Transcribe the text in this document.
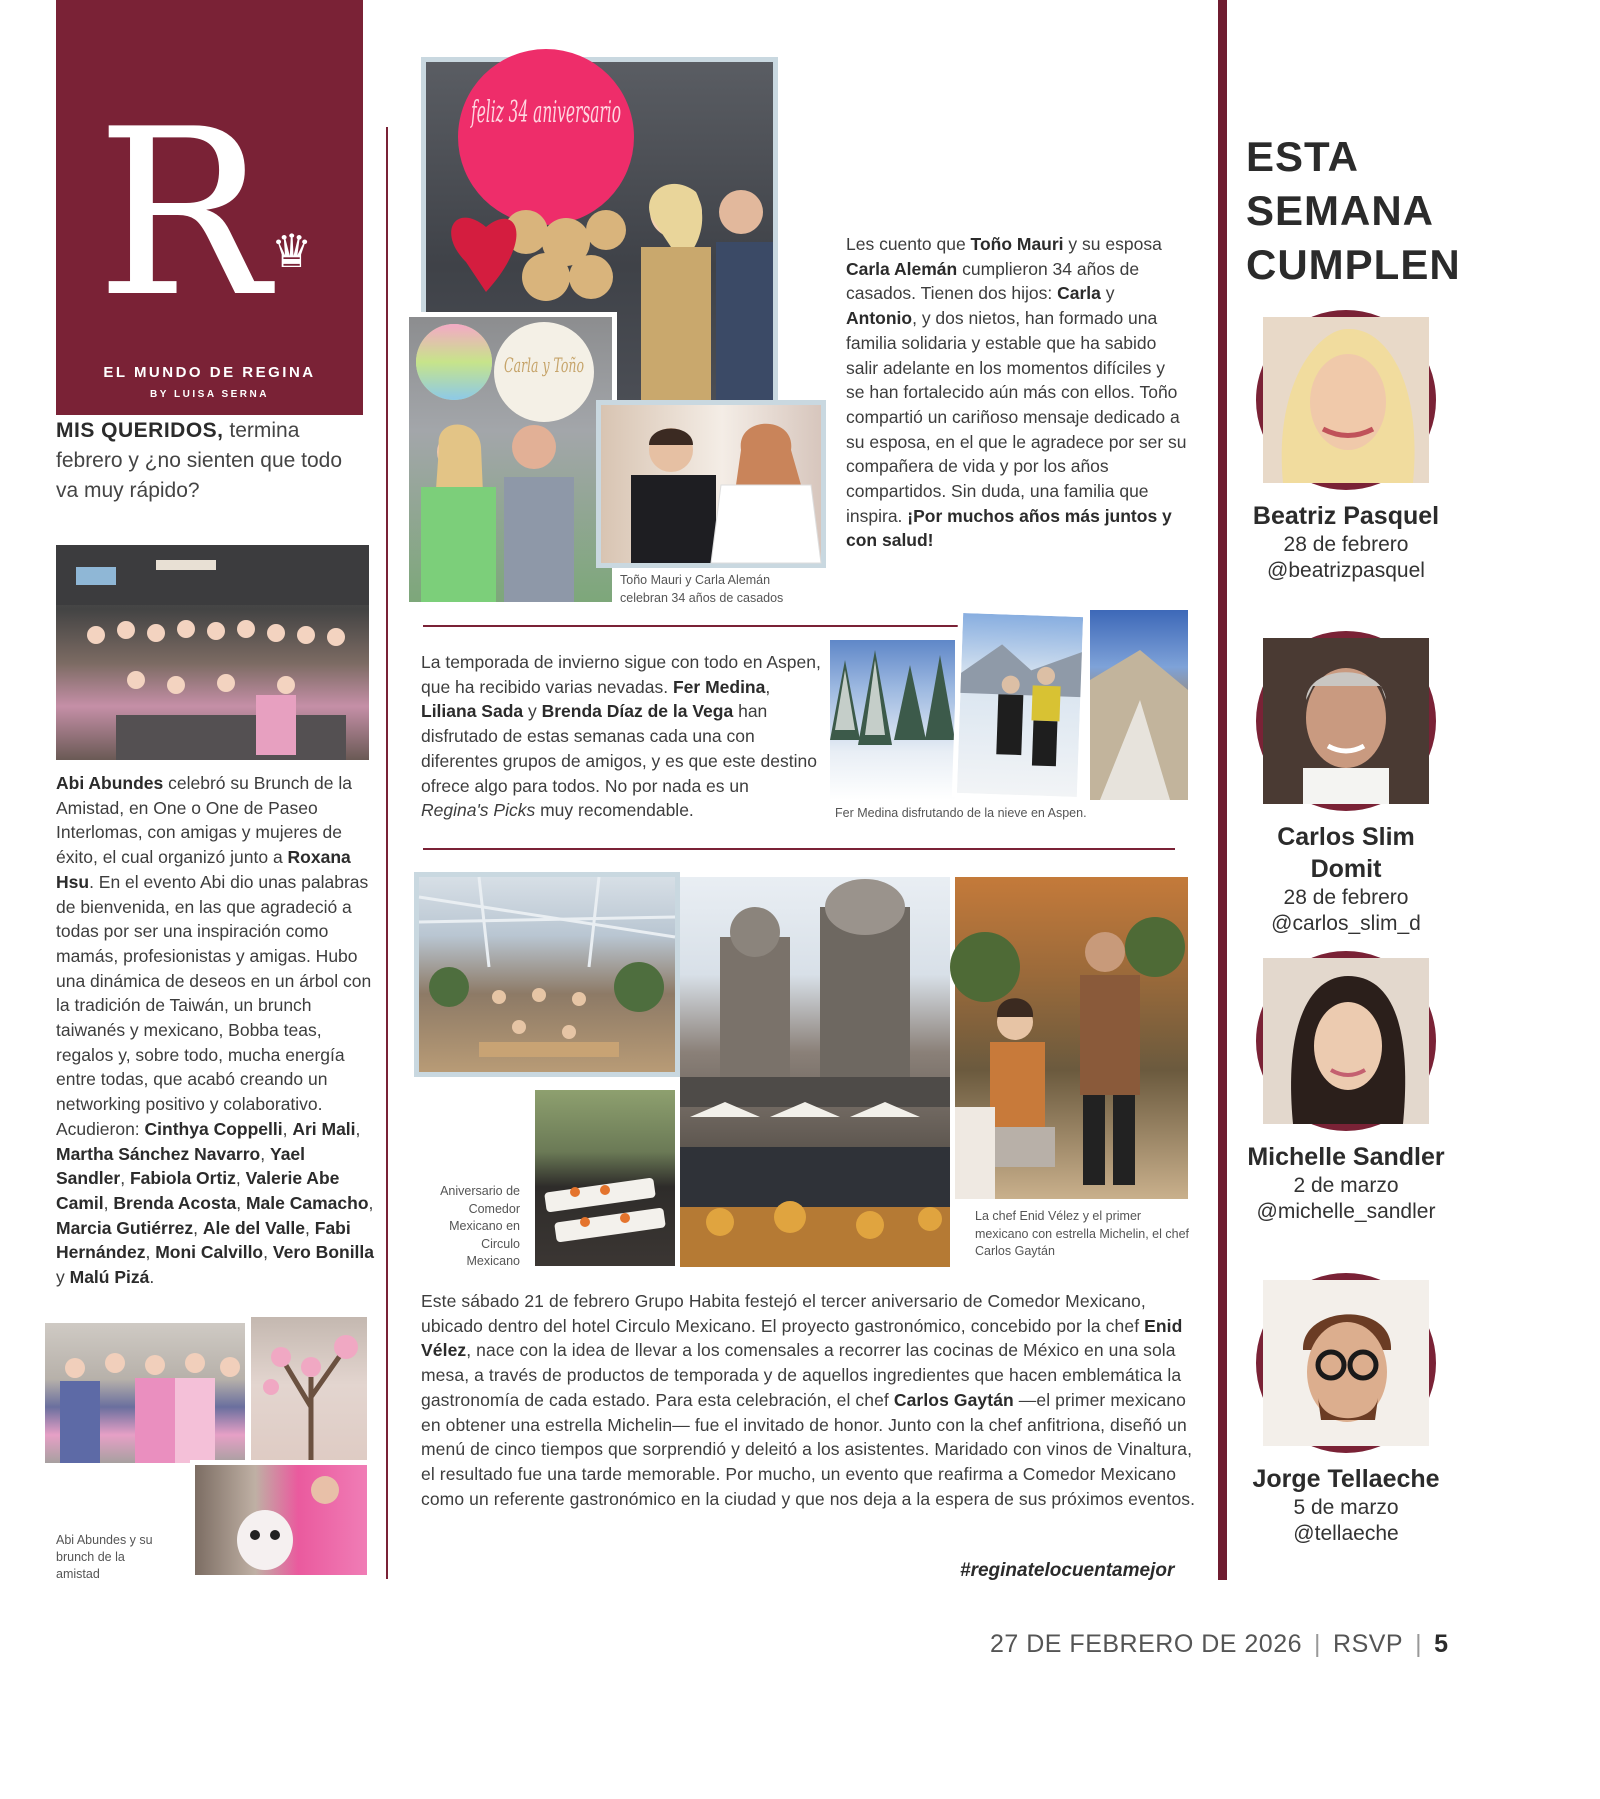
R ♛
EL MUNDO DE REGINA
BY LUISA SERNA

MIS QUERIDOS, termina febrero y ¿no sienten que todo va muy rápido?

Abi Abundes celebró su Brunch de la Amistad, en One o One de Paseo Interlomas, con amigas y mujeres de éxito, el cual organizó junto a Roxana Hsu. En el evento Abi dio unas palabras de bienvenida, en las que agradeció a todas por ser una inspiración como mamás, profesionistas y amigas. Hubo una dinámica de deseos en un árbol con la tradición de Taiwán, un brunch taiwanés y mexicano, Bobba teas, regalos y, sobre todo, mucha energía entre todas, que acabó creando un networking positivo y colaborativo. Acudieron: Cinthya Coppelli, Ari Mali, Martha Sánchez Navarro, Yael Sandler, Fabiola Ortiz, Valerie Abe Camil, Brenda Acosta, Male Camacho, Marcia Gutiérrez, Ale del Valle, Fabi Hernández, Moni Calvillo, Vero Bonilla y Malú Pizá.

Abi Abundes y su brunch de la amistad

feliz 34 aniversario
Carla y Toño

Toño Mauri y Carla Alemán celebran 34 años de casados

Les cuento que Toño Mauri y su esposa Carla Alemán cumplieron 34 años de casados. Tienen dos hijos: Carla y Antonio, y dos nietos, han formado una familia solidaria y estable que ha sabido salir adelante en los momentos difíciles y se han fortalecido aún más con ellos. Toño compartió un cariñoso mensaje dedicado a su esposa, en el que le agradece por ser su compañera de vida y por los años compartidos. Sin duda, una familia que inspira. ¡Por muchos años más juntos y con salud!

La temporada de invierno sigue con todo en Aspen, que ha recibido varias nevadas. Fer Medina, Liliana Sada y Brenda Díaz de la Vega han disfrutado de estas semanas cada una con diferentes grupos de amigos, y es que este destino ofrece algo para todos. No por nada es un Regina's Picks muy recomendable.	Fer Medina disfrutando de la nieve en Aspen.

Aniversario de Comedor Mexicano en Circulo Mexicano

La chef Enid Vélez y el primer mexicano con estrella Michelin, el chef Carlos Gaytán

Este sábado 21 de febrero Grupo Habita festejó el tercer aniversario de Comedor Mexicano, ubicado dentro del hotel Circulo Mexicano. El proyecto gastronómico, concebido por la chef Enid Vélez, nace con la idea de llevar a los comensales a recorrer las cocinas de México en una sola mesa, a través de productos de temporada y de aquellos ingredientes que hacen emblemática la gastronomía de cada estado. Para esta celebración, el chef Carlos Gaytán —el primer mexicano en obtener una estrella Michelin— fue el invitado de honor. Junto con la chef anfitriona, diseñó un menú de cinco tiempos que sorprendió y deleitó a los asistentes. Maridado con vinos de Vinaltura, el resultado fue una tarde memorable. Por mucho, un evento que reafirma a Comedor Mexicano como un referente gastronómico en la ciudad y que nos deja a la espera de sus próximos eventos.

#reginatelocuentamejor
ESTA SEMANA CUMPLEN
Beatriz Pasquel
28 de febrero
@beatrizpasquel
Carlos Slim Domit
28 de febrero
@carlos_slim_d
Michelle Sandler
2 de marzo
@michelle_sandler
Jorge Tellaeche
5 de marzo
@tellaeche
27 DE FEBRERO DE 2026 | RSVP | 5
